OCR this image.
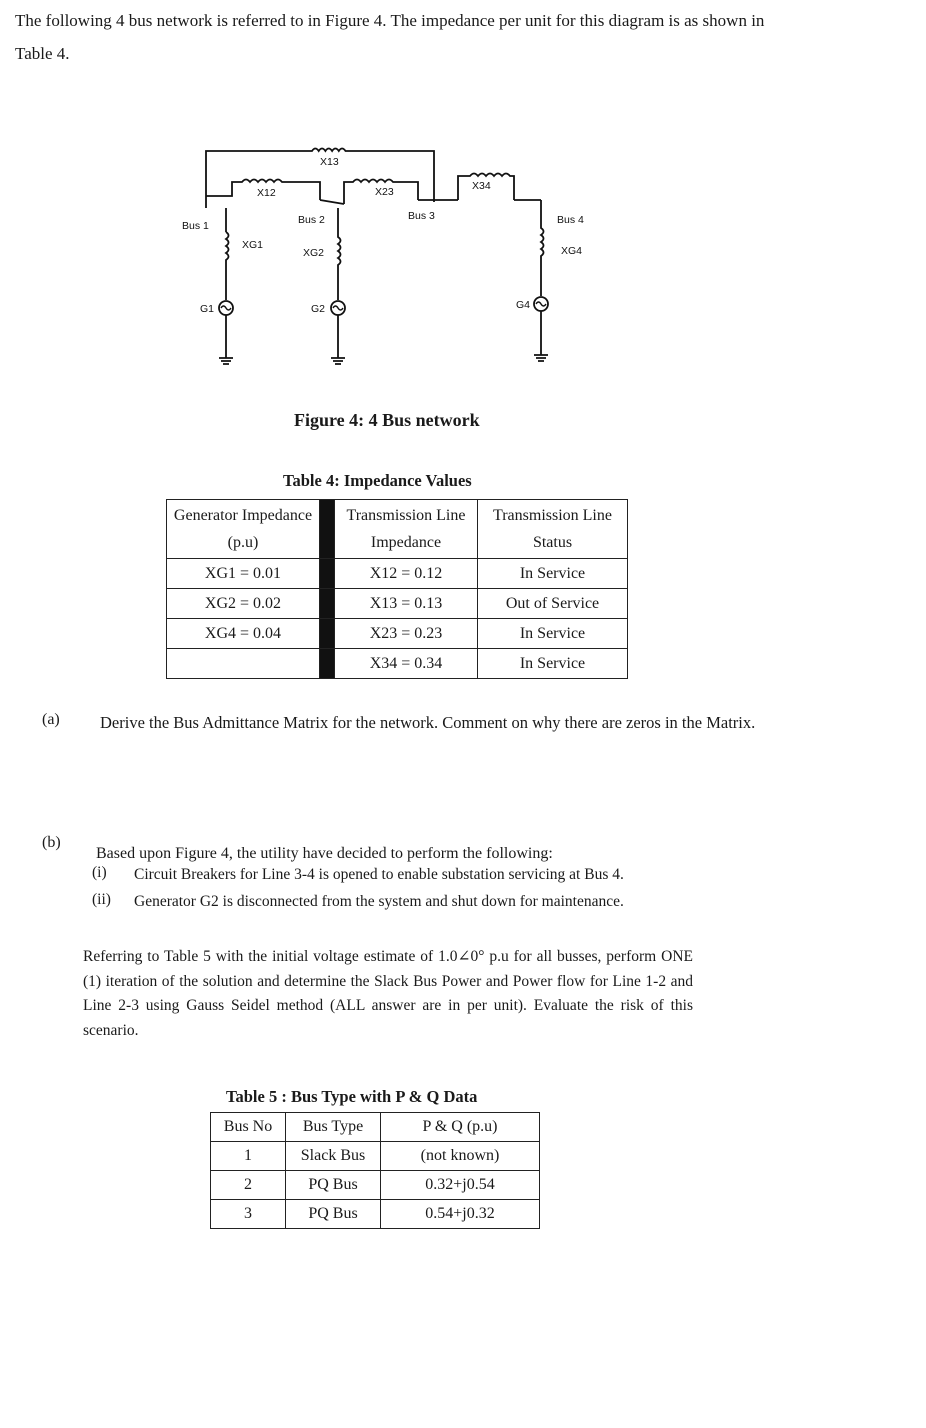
The following 4 bus network is referred to in Figure 4. The impedance per unit for this diagram is as shown in Table 4.
X13
X12	X23	X34
Bus 1	Bus 2	Bus 3	Bus 4
XG1
XG2	XG4
G1	G2	G4
Figure 4: 4 Bus network
Table 4: Impedance Values
Generator Impedance (p.u)		Transmission Line Impedance	Transmission Line Status
XG1 = 0.01		X12 = 0.12	In Service
XG2 = 0.02		X13 = 0.13	Out of Service
XG4 = 0.04		X23 = 0.23	In Service
		X34 = 0.34	In Service
(a) Derive the Bus Admittance Matrix for the network. Comment on why there are zeros in the Matrix.
(b)
Based upon Figure 4, the utility have decided to perform the following:
(i) Circuit Breakers for Line 3-4 is opened to enable substation servicing at Bus 4.
(ii) Generator G2 is disconnected from the system and shut down for maintenance.
Referring to Table 5 with the initial voltage estimate of 1.0∠0° p.u for all busses, perform ONE (1) iteration of the solution and determine the Slack Bus Power and Power flow for Line 1-2 and Line 2-3 using Gauss Seidel method (ALL answer are in per unit). Evaluate the risk of this scenario.
Table 5 : Bus Type with P & Q Data
Bus No	Bus Type	P & Q (p.u)
1	Slack Bus	(not known)
2	PQ Bus	0.32+j0.54
3	PQ Bus	0.54+j0.32
